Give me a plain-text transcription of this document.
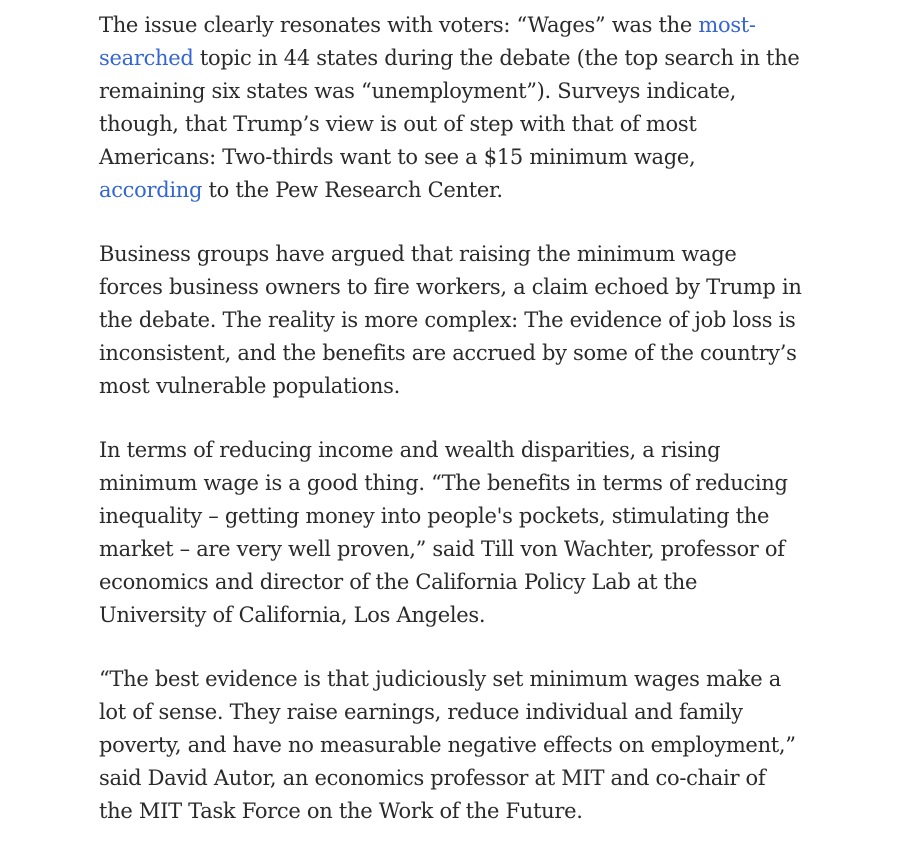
The issue clearly resonates with voters: “Wages” was the most-searched topic in 44 states during the debate (the top search in the remaining six states was “unemployment”). Surveys indicate, though, that Trump’s view is out of step with that of most Americans: Two-thirds want to see a $15 minimum wage, according to the Pew Research Center.

Business groups have argued that raising the minimum wage forces business owners to fire workers, a claim echoed by Trump in the debate. The reality is more complex: The evidence of job loss is inconsistent, and the benefits are accrued by some of the country’s most vulnerable populations.

In terms of reducing income and wealth disparities, a rising minimum wage is a good thing. “The benefits in terms of reducing inequality – getting money into people's pockets, stimulating the market – are very well proven,” said Till von Wachter, professor of economics and director of the California Policy Lab at the University of California, Los Angeles.

“The best evidence is that judiciously set minimum wages make a lot of sense. They raise earnings, reduce individual and family poverty, and have no measurable negative effects on employment,” said David Autor, an economics professor at MIT and co-chair of the MIT Task Force on the Work of the Future.
